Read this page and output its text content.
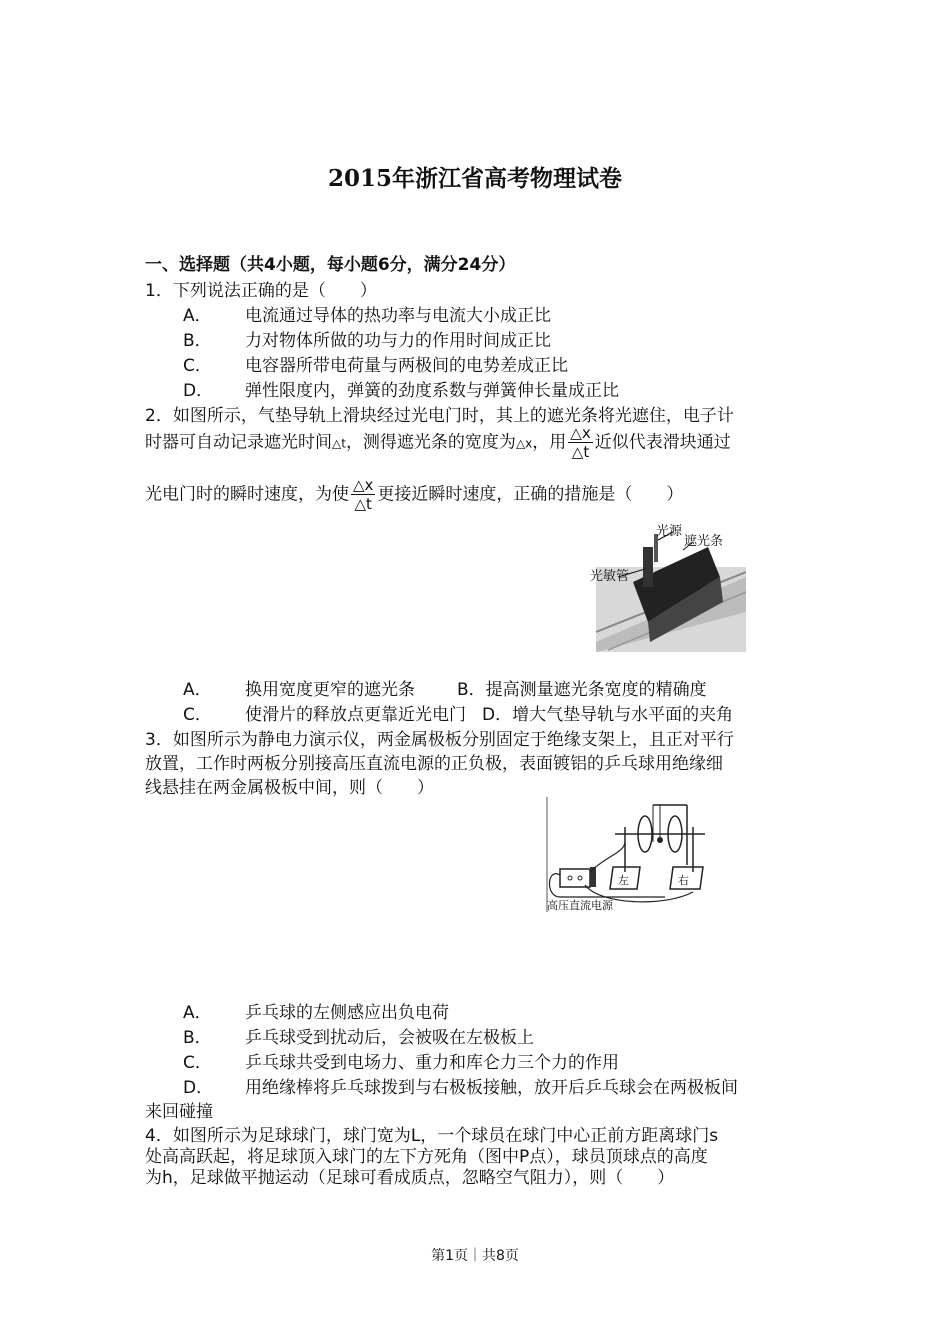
2015年浙江省高考物理试卷
一、选择题（共4小题，每小题6分，满分24分）
1．下列说法正确的是（　　）
A． 电流通过导体的热功率与电流大小成正比
B． 力对物体所做的功与力的作用时间成正比
C． 电容器所带电荷量与两极间的电势差成正比
D． 弹性限度内，弹簧的劲度系数与弹簧伸长量成正比
2．如图所示，气垫导轨上滑块经过光电门时，其上的遮光条将光遮住，电子计
时器可自动记录遮光时间△t，测得遮光条的宽度为△x，用 $\frac{\triangle x}{\triangle t}$ 近似代表滑块通过
光电门时的瞬时速度，为使 $\frac{\triangle x}{\triangle t}$ 更接近瞬时速度，正确的措施是（　　）
光源
遮光条
光敏管
A． 换用宽度更窄的遮光条 B．提高测量遮光条宽度的精确度
C． 使滑片的释放点更靠近光电门 D．增大气垫导轨与水平面的夹角
3．如图所示为静电力演示仪，两金属极板分别固定于绝缘支架上，且正对平行
放置，工作时两板分别接高压直流电源的正负极，表面镀铝的乒乓球用绝缘细
线悬挂在两金属极板中间，则（　　）
左	右
高压直流电源
A． 乒乓球的左侧感应出负电荷
B． 乒乓球受到扰动后，会被吸在左极板上
C． 乒乓球共受到电场力、重力和库仑力三个力的作用
D． 用绝缘棒将乒乓球拨到与右极板接触，放开后乒乓球会在两极板间
来回碰撞
4．如图所示为足球球门，球门宽为L，一个球员在球门中心正前方距离球门s
处高高跃起，将足球顶入球门的左下方死角（图中P点），球员顶球点的高度
为h，足球做平抛运动（足球可看成质点，忽略空气阻力），则（　　）
第1页｜共8页
